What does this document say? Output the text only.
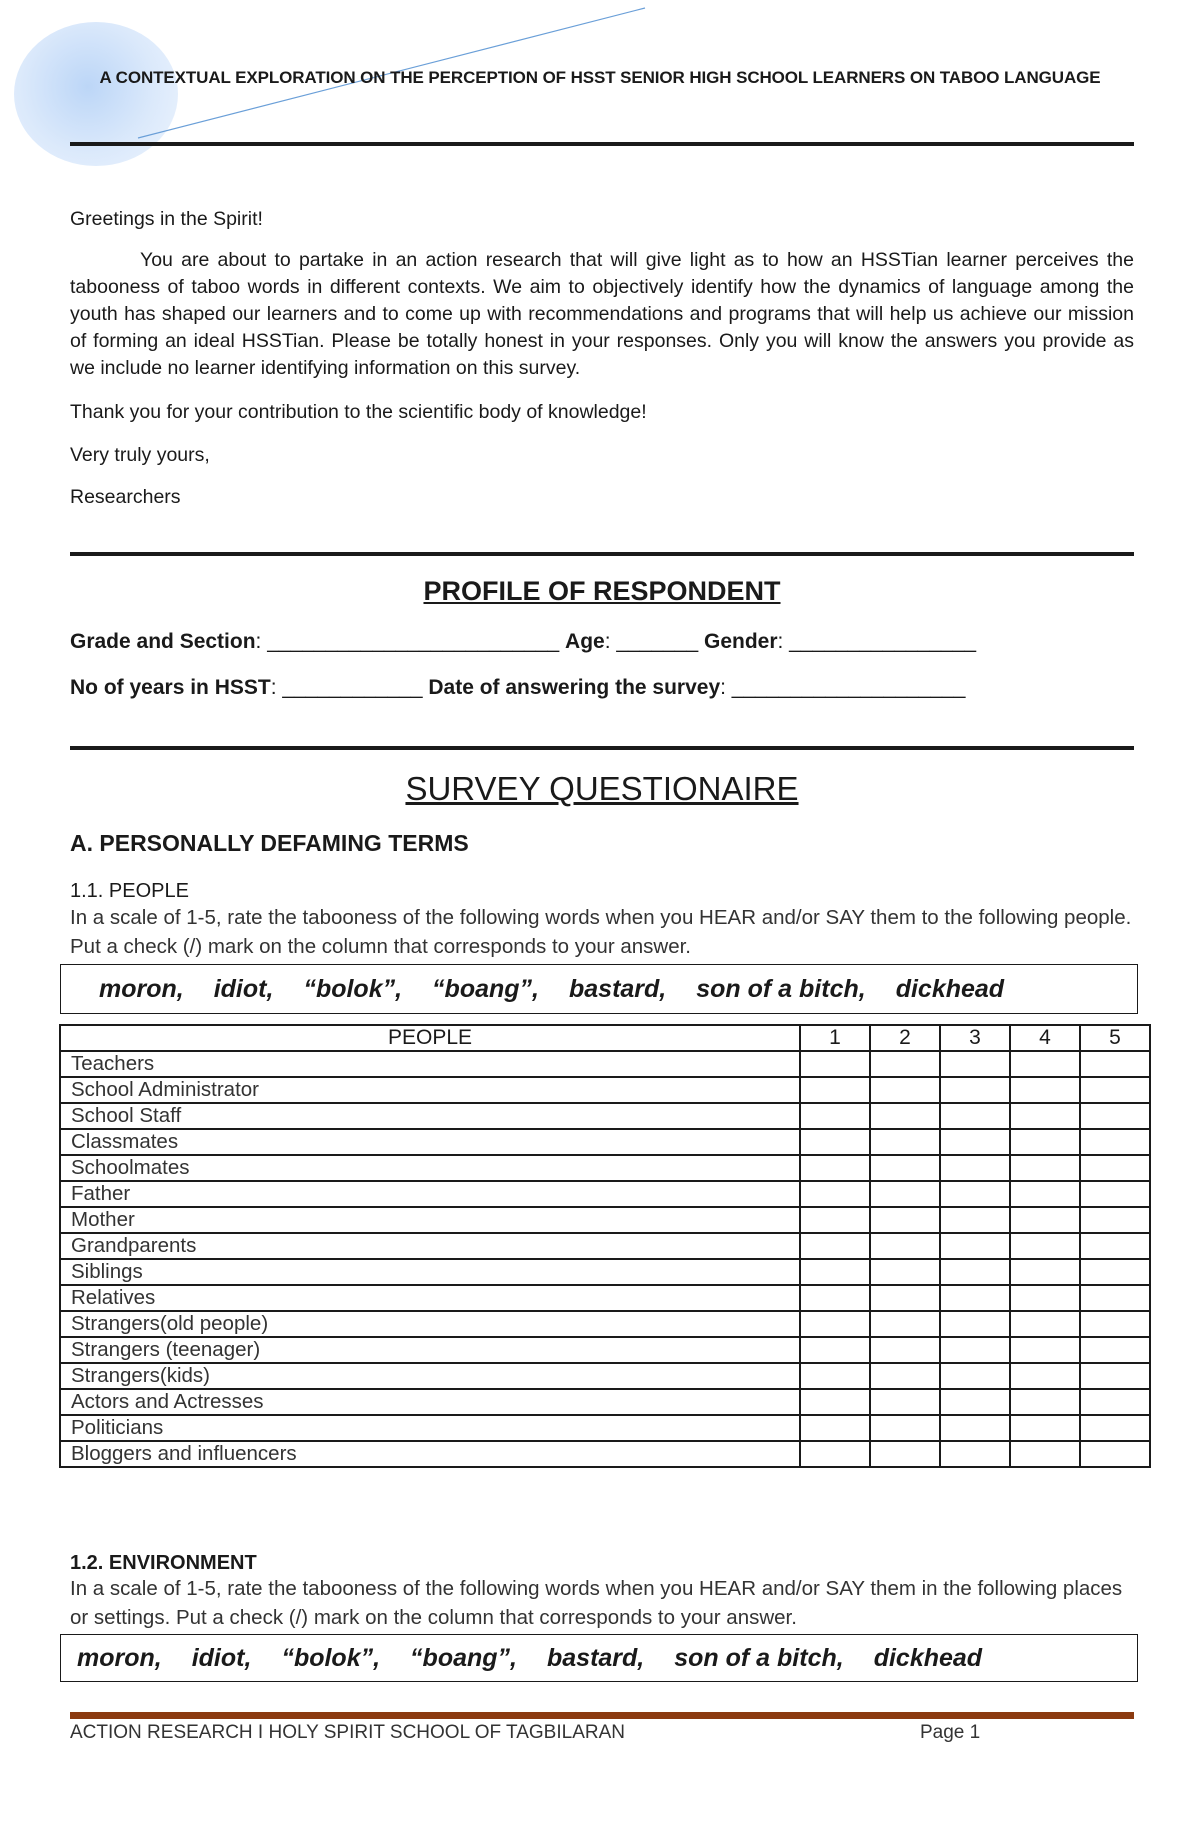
A CONTEXTUAL EXPLORATION ON THE PERCEPTION OF HSST SENIOR HIGH SCHOOL LEARNERS ON TABOO LANGUAGE
Greetings in the Spirit!
You are about to partake in an action research that will give light as to how an HSSTian learner perceives the tabooness of taboo words in different contexts. We aim to objectively identify how the dynamics of language among the youth has shaped our learners and to come up with recommendations and programs that will help us achieve our mission of forming an ideal HSSTian. Please be totally honest in your responses. Only you will know the answers you provide as we include no learner identifying information on this survey.
Thank you for your contribution to the scientific body of knowledge!
Very truly yours,
Researchers
PROFILE OF RESPONDENT
Grade and Section: _________________________ Age: _______ Gender: ________________
No of years in HSST: ____________ Date of answering the survey: ____________________
SURVEY QUESTIONAIRE
A. PERSONALLY DEFAMING TERMS
1.1. PEOPLE
In a scale of 1-5, rate the tabooness of the following words when you HEAR and/or SAY them to the following people. Put a check (/) mark on the column that corresponds to your answer.
moron, idiot, “bolok”, “boang”, bastard, son of a bitch, dickhead
PEOPLE	1	2	3	4	5
Teachers					
School Administrator					
School Staff					
Classmates					
Schoolmates					
Father					
Mother					
Grandparents					
Siblings					
Relatives					
Strangers(old people)					
Strangers (teenager)					
Strangers(kids)					
Actors and Actresses					
Politicians					
Bloggers and influencers					
1.2. ENVIRONMENT
In a scale of 1-5, rate the tabooness of the following words when you HEAR and/or SAY them in the following places or settings. Put a check (/) mark on the column that corresponds to your answer.
moron, idiot, “bolok”, “boang”, bastard, son of a bitch, dickhead
ACTION RESEARCH I HOLY SPIRIT SCHOOL OF TAGBILARAN	Page 1
